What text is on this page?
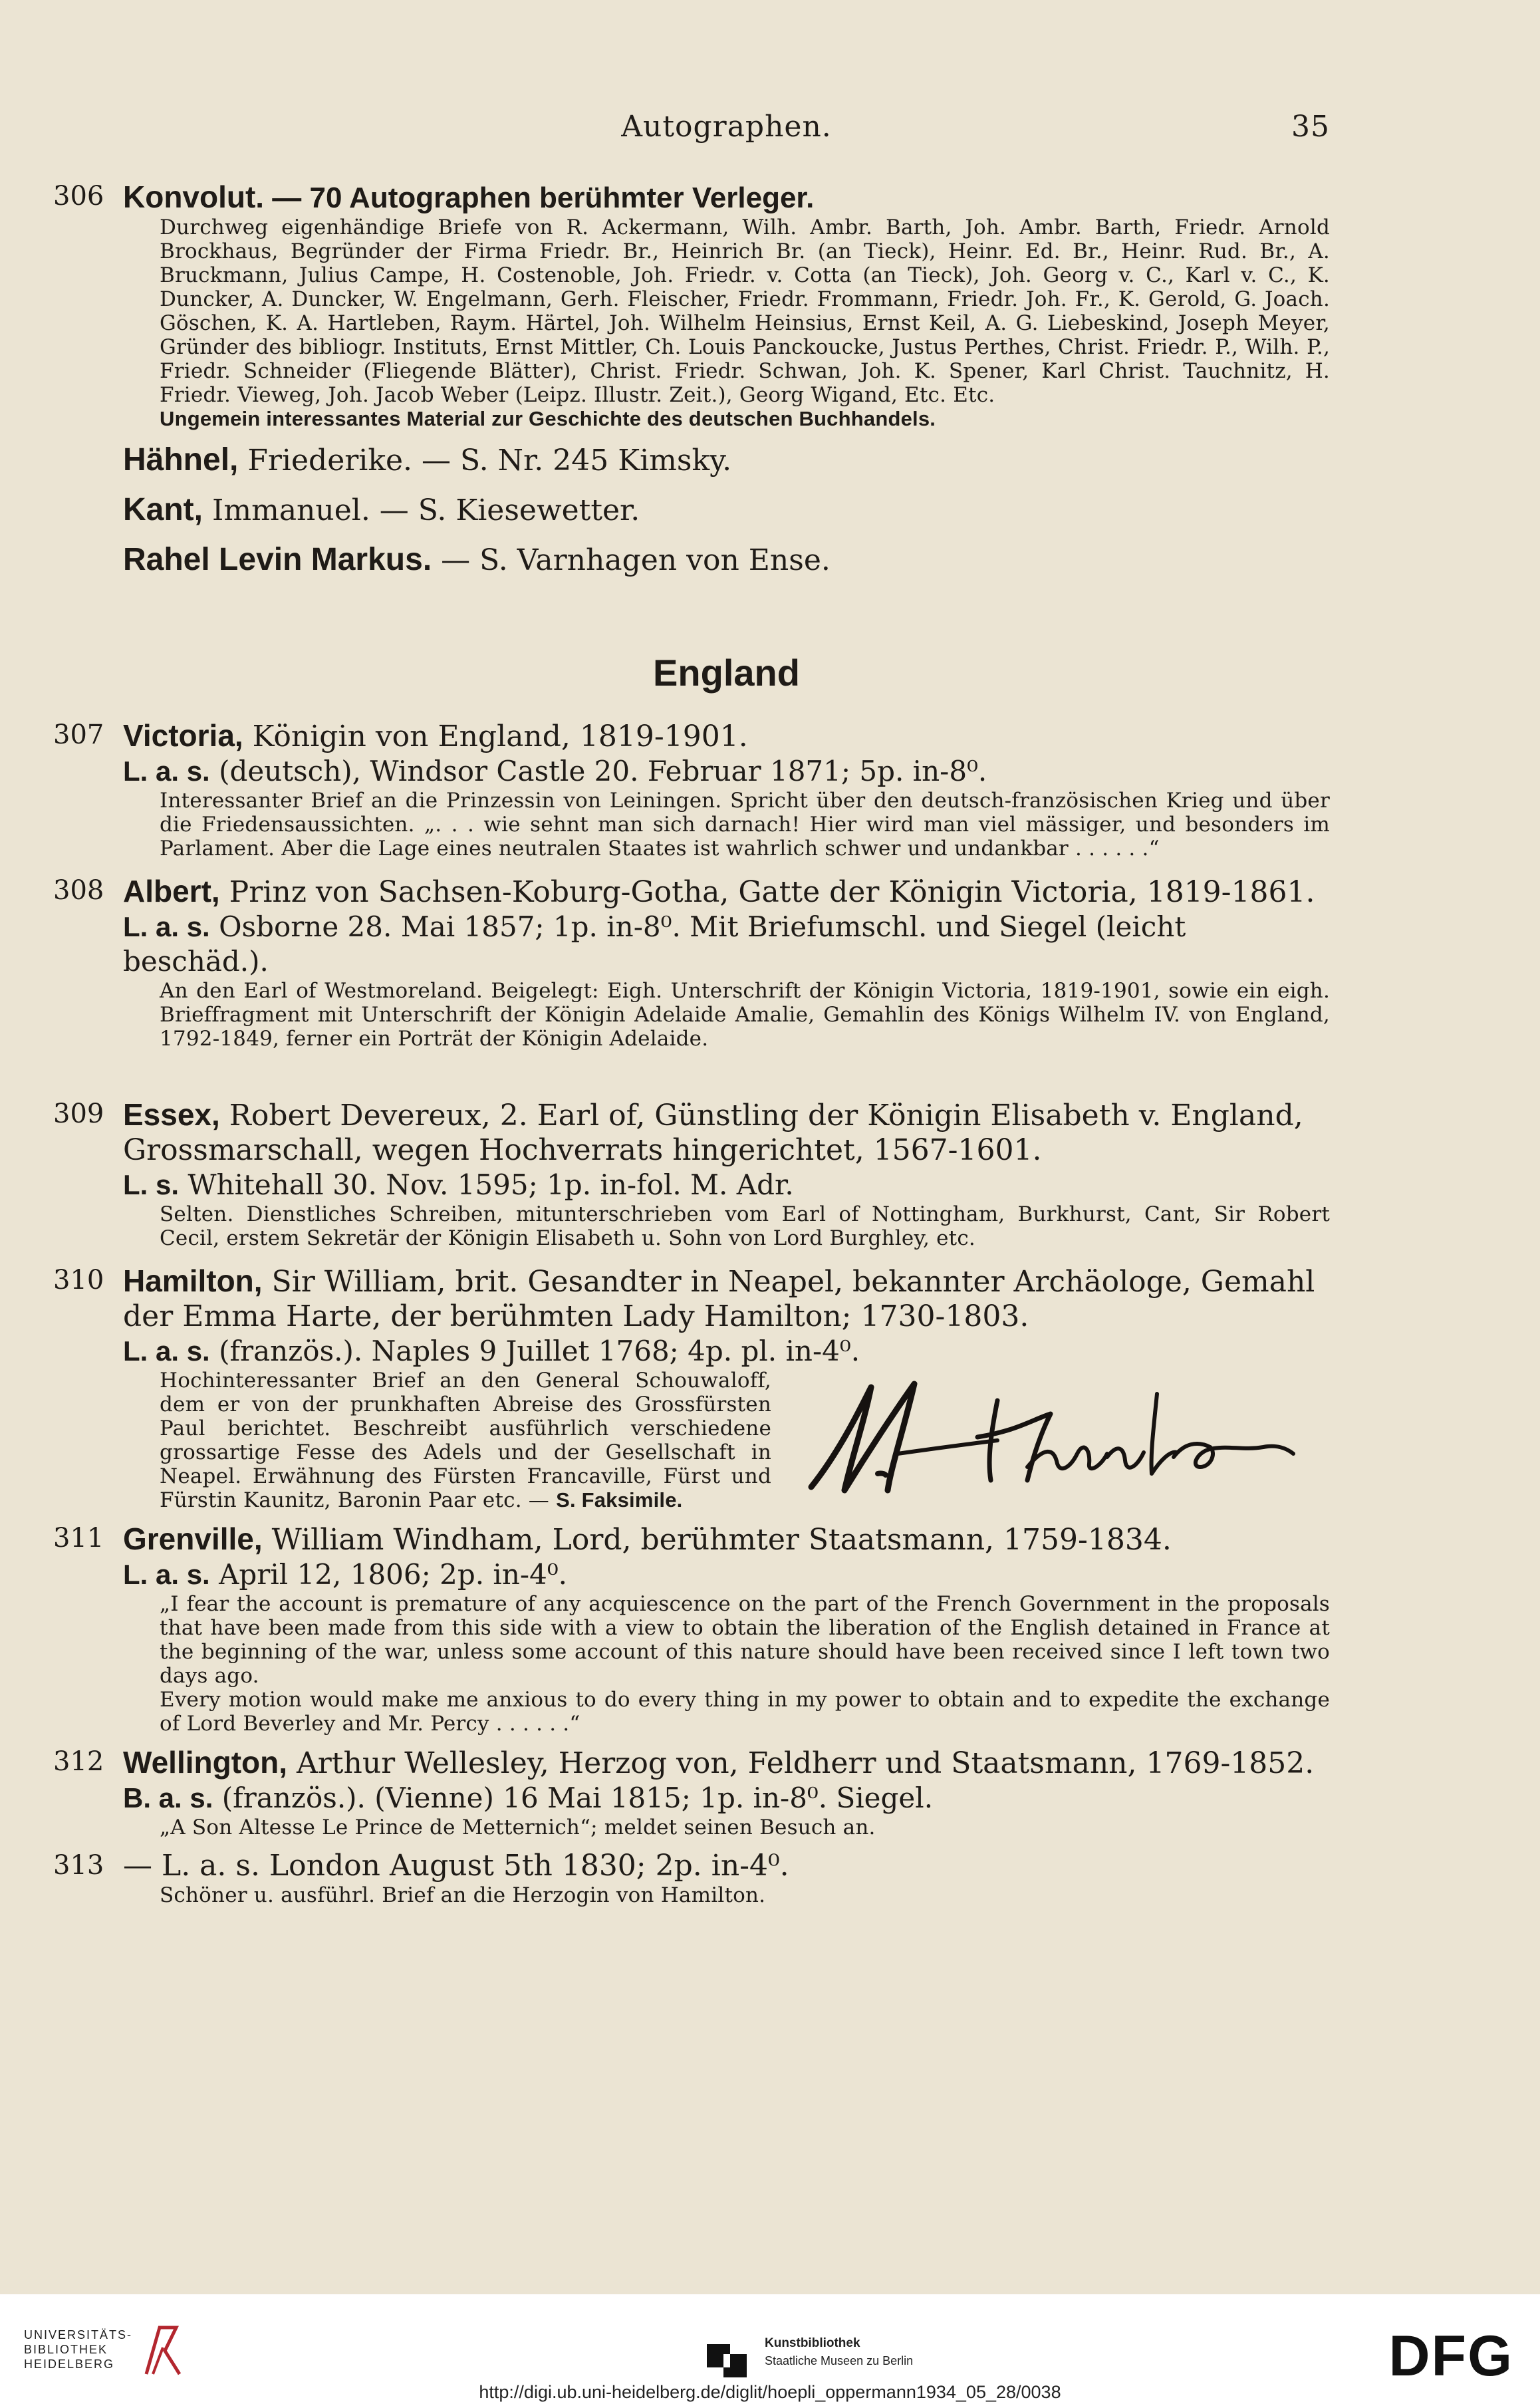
Autographen.	35
306 Konvolut. — 70 Autographen berühmter Verleger.
Durchweg eigenhändige Briefe von R. Ackermann, Wilh. Ambr. Barth, Joh. Ambr. Barth, Friedr. Arnold Brockhaus, Begründer der Firma Friedr. Br., Heinrich Br. (an Tieck), Heinr. Ed. Br., Heinr. Rud. Br., A. Bruckmann, Julius Campe, H. Costenoble, Joh. Friedr. v. Cotta (an Tieck), Joh. Georg v. C., Karl v. C., K. Duncker, A. Duncker, W. Engelmann, Gerh. Fleischer, Friedr. Frommann, Friedr. Joh. Fr., K. Gerold, G. Joach. Göschen, K. A. Hartleben, Raym. Härtel, Joh. Wilhelm Heinsius, Ernst Keil, A. G. Liebeskind, Joseph Meyer, Gründer des bibliogr. Instituts, Ernst Mittler, Ch. Louis Panckoucke, Justus Perthes, Christ. Friedr. P., Wilh. P., Friedr. Schneider (Fliegende Blätter), Christ. Friedr. Schwan, Joh. K. Spener, Karl Christ. Tauchnitz, H. Friedr. Vieweg, Joh. Jacob Weber (Leipz. Illustr. Zeit.), Georg Wigand, Etc. Etc.
Ungemein interessantes Material zur Geschichte des deutschen Buchhandels.
Hähnel, Friederike. — S. Nr. 245 Kimsky.
Kant, Immanuel. — S. Kiesewetter.
Rahel Levin Markus. — S. Varnhagen von Ense.
England
307 Victoria, Königin von England, 1819-1901.
L. a. s. (deutsch), Windsor Castle 20. Februar 1871; 5p. in-8⁰.
Interessanter Brief an die Prinzessin von Leiningen. Spricht über den deutsch-französischen Krieg und über die Friedensaussichten. „. . . wie sehnt man sich darnach! Hier wird man viel mässiger, und besonders im Parlament. Aber die Lage eines neutralen Staates ist wahrlich schwer und undankbar . . . . . .“
308 Albert, Prinz von Sachsen-Koburg-Gotha, Gatte der Königin Victoria, 1819-1861.
L. a. s. Osborne 28. Mai 1857; 1p. in-8⁰. Mit Briefumschl. und Siegel (leicht beschäd.).
An den Earl of Westmoreland. Beigelegt: Eigh. Unterschrift der Königin Victoria, 1819-1901, sowie ein eigh. Brieffragment mit Unterschrift der Königin Adelaide Amalie, Gemahlin des Königs Wilhelm IV. von England, 1792-1849, ferner ein Porträt der Königin Adelaide.
309 Essex, Robert Devereux, 2. Earl of, Günstling der Königin Elisabeth v. England, Grossmarschall, wegen Hochverrats hingerichtet, 1567-1601.
L. s. Whitehall 30. Nov. 1595; 1p. in-fol. M. Adr.
Selten. Dienstliches Schreiben, mitunterschrieben vom Earl of Nottingham, Burkhurst, Cant, Sir Robert Cecil, erstem Sekretär der Königin Elisabeth u. Sohn von Lord Burghley, etc.
310 Hamilton, Sir William, brit. Gesandter in Neapel, bekannter Archäologe, Gemahl der Emma Harte, der berühmten Lady Hamilton; 1730-1803.
L. a. s. (französ.). Naples 9 Juillet 1768; 4p. pl. in-4⁰.
Hochinteressanter Brief an den General Schouwaloff, dem er von der prunkhaften Abreise des Grossfürsten Paul berichtet. Beschreibt ausführlich verschiedene grossartige Fesse des Adels und der Gesellschaft in Neapel. Erwähnung des Fürsten Francaville, Fürst und Fürstin Kaunitz, Baronin Paar etc. — S. Faksimile.
311 Grenville, William Windham, Lord, berühmter Staatsmann, 1759-1834.
L. a. s. April 12, 1806; 2p. in-4⁰.
„I fear the account is premature of any acquiescence on the part of the French Government in the proposals that have been made from this side with a view to obtain the liberation of the English detained in France at the beginning of the war, unless some account of this nature should have been received since I left town two days ago.
Every motion would make me anxious to do every thing in my power to obtain and to expedite the exchange of Lord Beverley and Mr. Percy . . . . . .“
312 Wellington, Arthur Wellesley, Herzog von, Feldherr und Staatsmann, 1769-1852.
B. a. s. (französ.). (Vienne) 16 Mai 1815; 1p. in-8⁰. Siegel.
„A Son Altesse Le Prince de Metternich“; meldet seinen Besuch an.
313 — L. a. s. London August 5th 1830; 2p. in-4⁰.
Schöner u. ausführl. Brief an die Herzogin von Hamilton.
UNIVERSITÄTS-
BIBLIOTHEK
HEIDELBERG
Kunstbibliothek
Staatliche Museen zu Berlin	DFG
http://digi.ub.uni-heidelberg.de/diglit/hoepli_oppermann1934_05_28/0038
